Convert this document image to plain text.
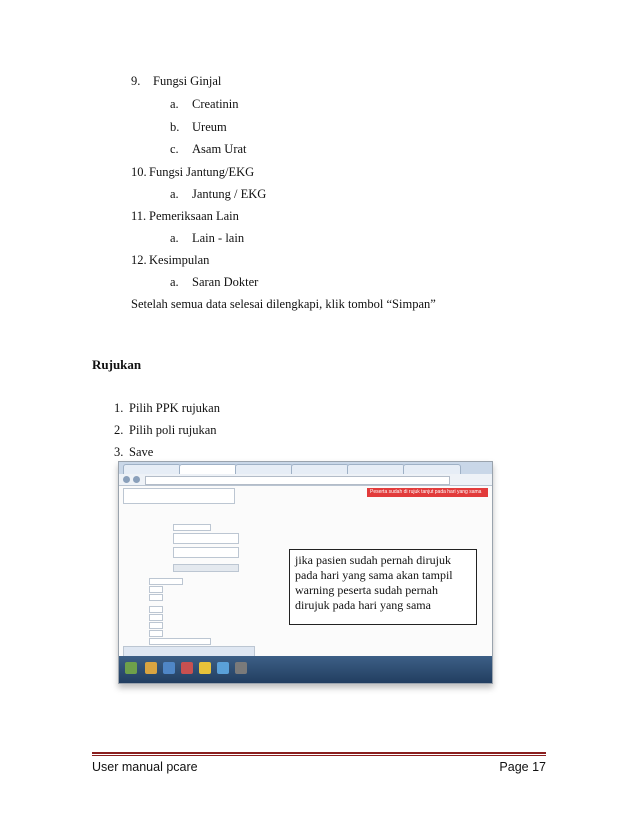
9. Fungsi Ginjal
a. Creatinin
b. Ureum
c. Asam Urat
10. Fungsi Jantung/EKG
a. Jantung / EKG
11. Pemeriksaan Lain
a. Lain - lain
12. Kesimpulan
a. Saran Dokter
Setelah semua data selesai dilengkapi, klik tombol “Simpan”
Rujukan
1. Pilih PPK rujukan
2. Pilih poli rujukan
3. Save
Peserta sudah di rujuk tanjut pada hari yang sama
jika pasien sudah pernah dirujuk pada hari yang sama akan tampil warning peserta sudah pernah dirujuk pada hari yang sama
User manual pcare	Page 17
